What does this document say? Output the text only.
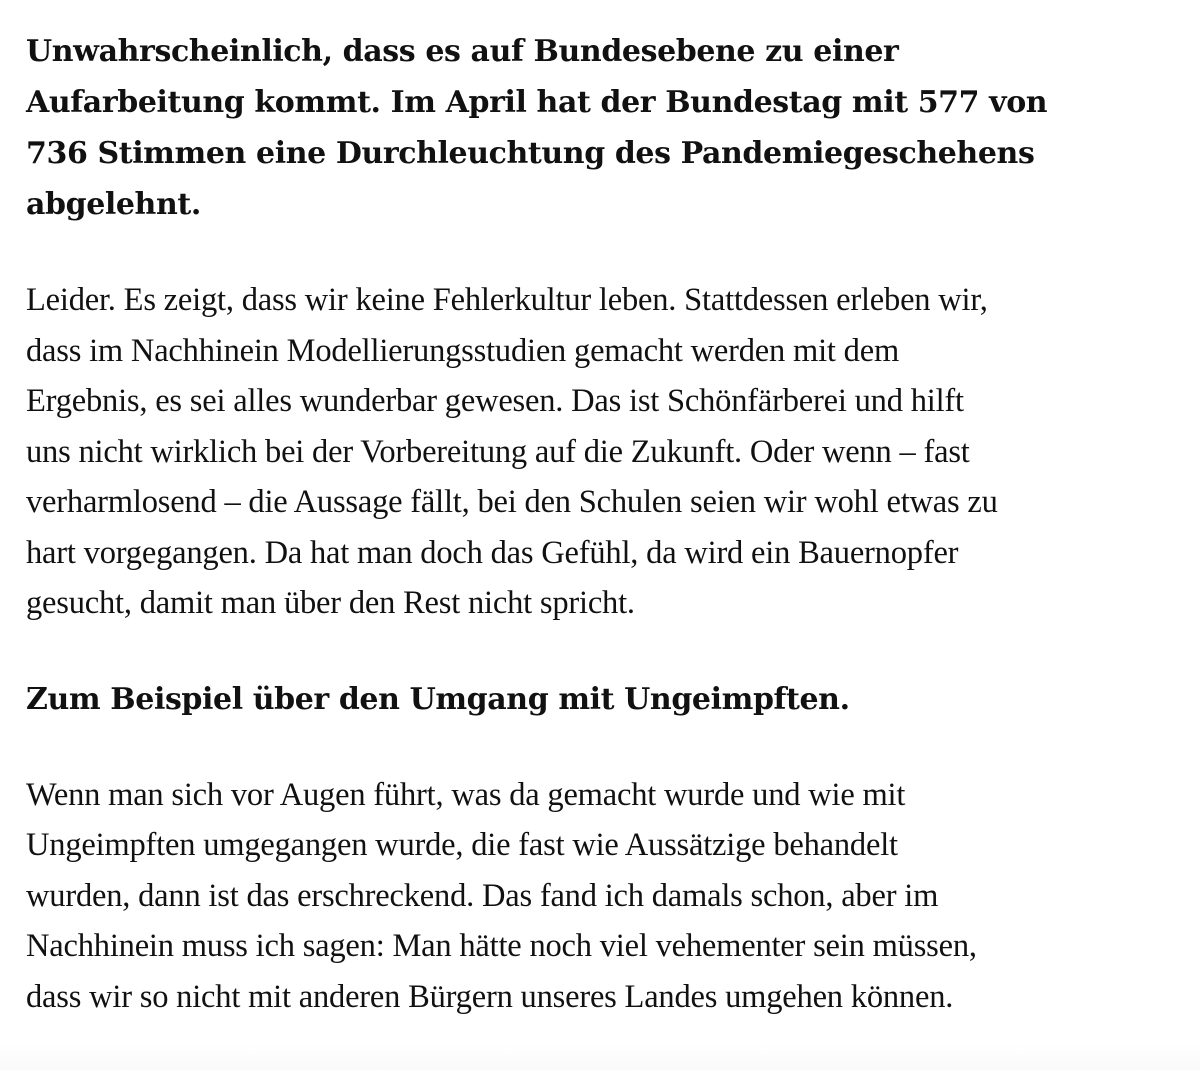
Unwahrscheinlich, dass es auf Bundesebene zu einer
Aufarbeitung kommt. Im April hat der Bundestag mit 577 von
736 Stimmen eine Durchleuchtung des Pandemiegeschehens
abgelehnt.

Leider. Es zeigt, dass wir keine Fehlerkultur leben. Stattdessen erleben wir,
dass im Nachhinein Modellierungsstudien gemacht werden mit dem
Ergebnis, es sei alles wunderbar gewesen. Das ist Schönfärberei und hilft
uns nicht wirklich bei der Vorbereitung auf die Zukunft. Oder wenn – fast
verharmlosend – die Aussage fällt, bei den Schulen seien wir wohl etwas zu
hart vorgegangen. Da hat man doch das Gefühl, da wird ein Bauernopfer
gesucht, damit man über den Rest nicht spricht.

Zum Beispiel über den Umgang mit Ungeimpften.

Wenn man sich vor Augen führt, was da gemacht wurde und wie mit
Ungeimpften umgegangen wurde, die fast wie Aussätzige behandelt
wurden, dann ist das erschreckend. Das fand ich damals schon, aber im
Nachhinein muss ich sagen: Man hätte noch viel vehementer sein müssen,
dass wir so nicht mit anderen Bürgern unseres Landes umgehen können.
